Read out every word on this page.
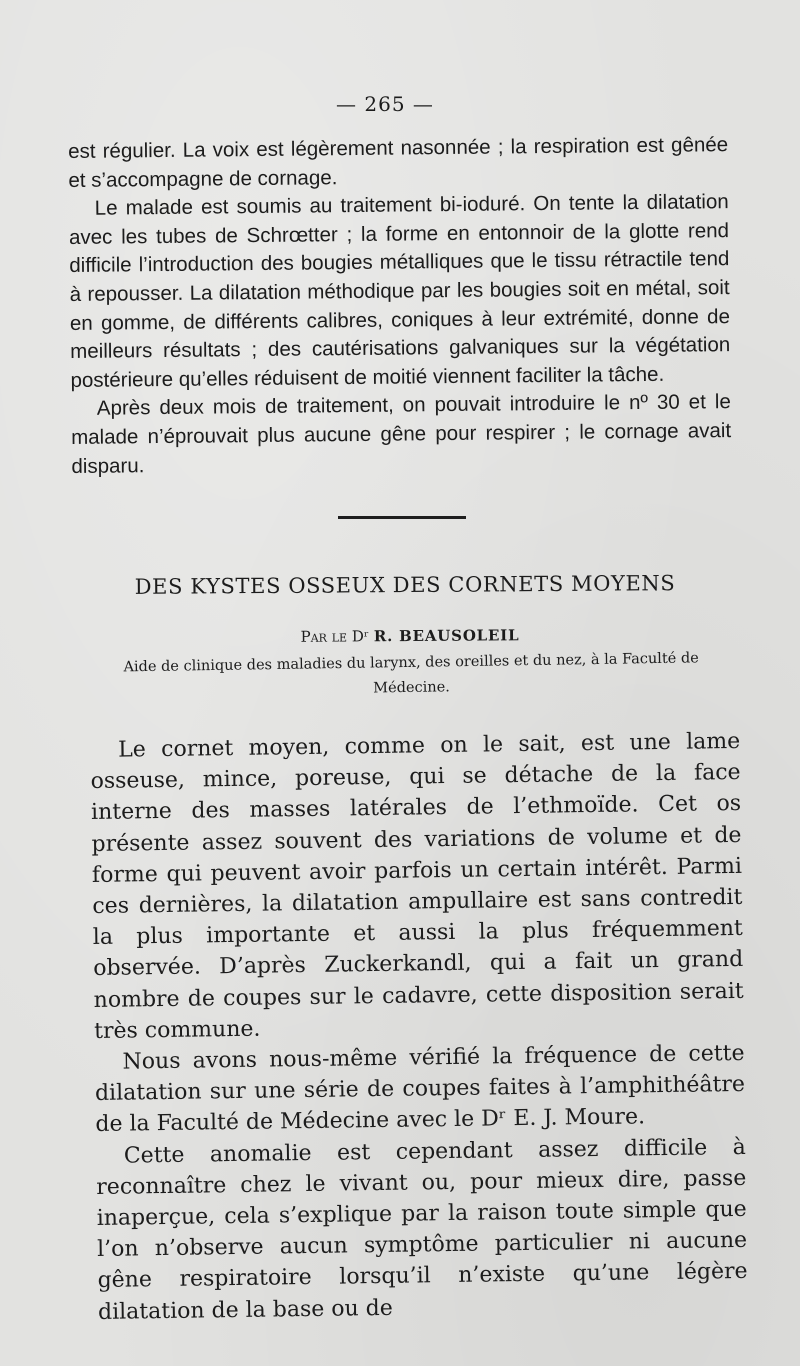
— 265 —

est régulier. La voix est légèrement nasonnée ; la respiration est gênée et s’accompagne de cornage.

Le malade est soumis au traitement bi-ioduré. On tente la dilatation avec les tubes de Schrœtter ; la forme en entonnoir de la glotte rend difficile l’introduction des bougies métalliques que le tissu rétractile tend à repousser. La dilatation méthodique par les bougies soit en métal, soit en gomme, de différents calibres, coniques à leur extrémité, donne de meilleurs résultats ; des cautérisations galvaniques sur la végétation postérieure qu’elles réduisent de moitié viennent faciliter la tâche.

Après deux mois de traitement, on pouvait introduire le nº 30 et le malade n’éprouvait plus aucune gêne pour respirer ; le cornage avait disparu.

DES KYSTES OSSEUX DES CORNETS MOYENS
Par le Dʳ R. BEAUSOLEIL
Aide de clinique des maladies du larynx, des oreilles et du nez, à la Faculté de Médecine.

Le cornet moyen, comme on le sait, est une lame osseuse, mince, poreuse, qui se détache de la face interne des masses latérales de l’ethmoïde. Cet os présente assez souvent des variations de volume et de forme qui peuvent avoir parfois un certain intérêt. Parmi ces dernières, la dilatation ampullaire est sans contredit la plus importante et aussi la plus fréquemment observée. D’après Zuckerkandl, qui a fait un grand nombre de coupes sur le cadavre, cette disposition serait très commune.

Nous avons nous-même vérifié la fréquence de cette dilatation sur une série de coupes faites à l’amphithéâtre de la Faculté de Médecine avec le Dʳ E. J. Moure.

Cette anomalie est cependant assez difficile à reconnaître chez le vivant ou, pour mieux dire, passe inaperçue, cela s’explique par la raison toute simple que l’on n’observe aucun symptôme particulier ni aucune gêne respiratoire lorsqu’il n’existe qu’une légère dilatation de la base ou de
